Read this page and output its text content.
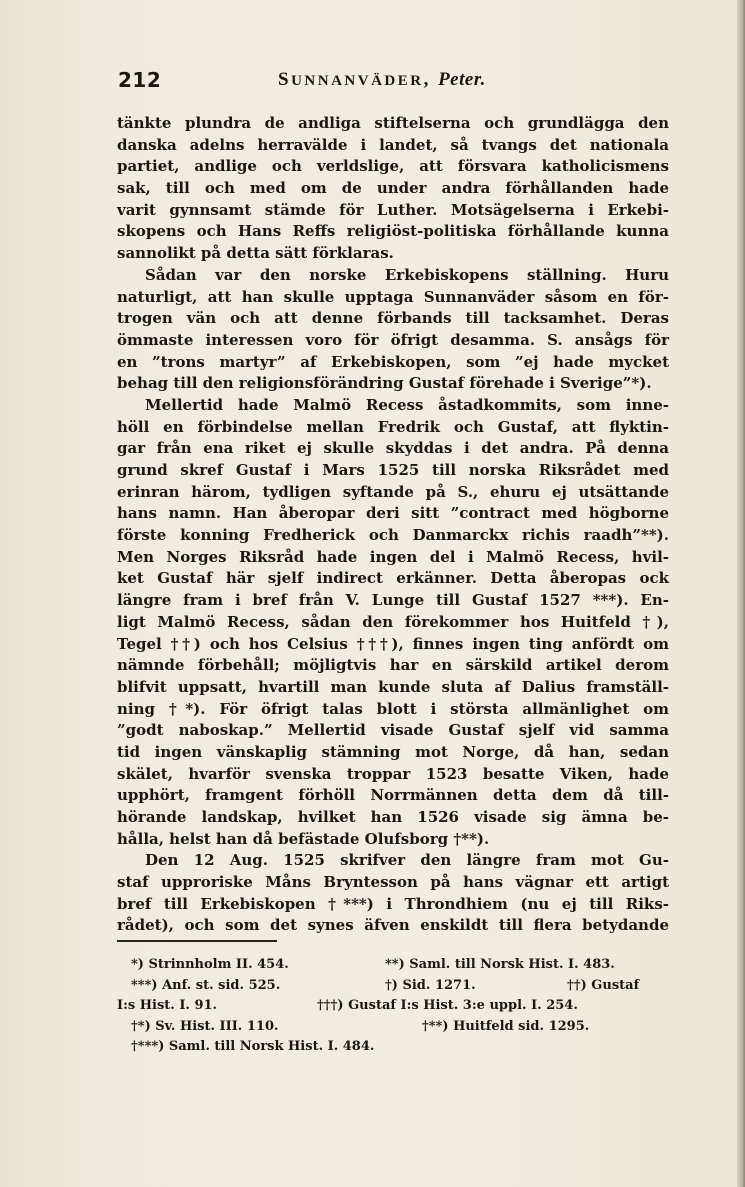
212	SUNNANVÄDER, Peter.
tänkte plundra de andliga stiftelserna och grundlägga den
danska adelns herravälde i landet, så tvangs det nationala
partiet, andlige och verldslige, att försvara katholicismens
sak, till och med om de under andra förhållanden hade
varit gynnsamt stämde för Luther. Motsägelserna i Erkebi-
skopens och Hans Reffs religiöst-politiska förhållande kunna
sannolikt på detta sätt förklaras.
Sådan var den norske Erkebiskopens ställning. Huru
naturligt, att han skulle upptaga Sunnanväder såsom en för-
trogen vän och att denne förbands till tacksamhet. Deras
ömmaste interessen voro för öfrigt desamma. S. ansågs för
en ”trons martyr” af Erkebiskopen, som ”ej hade mycket
behag till den religionsförändring Gustaf förehade i Sverige”*).
Mellertid hade Malmö Recess åstadkommits, som inne-
höll en förbindelse mellan Fredrik och Gustaf, att flyktin-
gar från ena riket ej skulle skyddas i det andra. På denna
grund skref Gustaf i Mars 1525 till norska Riksrådet med
erinran härom, tydligen syftande på S., ehuru ej utsättande
hans namn. Han åberopar deri sitt ”contract med högborne
förste konning Fredherick och Danmarckx richis raadh”**).
Men Norges Riksråd hade ingen del i Malmö Recess, hvil-
ket Gustaf här sjelf indirect erkänner. Detta åberopas ock
längre fram i bref från V. Lunge till Gustaf 1527 ***). En-
ligt Malmö Recess, sådan den förekommer hos Huitfeld †),
Tegel ††) och hos Celsius †††), finnes ingen ting anfördt om
nämnde förbehåll; möjligtvis har en särskild artikel derom
blifvit uppsatt, hvartill man kunde sluta af Dalius framställ-
ning †*). För öfrigt talas blott i största allmänlighet om
”godt naboskap.” Mellertid visade Gustaf sjelf vid samma
tid ingen vänskaplig stämning mot Norge, då han, sedan
skälet, hvarför svenska troppar 1523 besatte Viken, hade
upphört, framgent förhöll Norrmännen detta dem då till-
hörande landskap, hvilket han 1526 visade sig ämna be-
hålla, helst han då befästade Olufsborg †**).
Den 12 Aug. 1525 skrifver den längre fram mot Gu-
staf upproriske Måns Bryntesson på hans vägnar ett artigt
bref till Erkebiskopen †***) i Throndhiem (nu ej till Riks-
rådet), och som det synes äfven enskildt till flera betydande
*) Strinnholm II. 454.	**) Saml. till Norsk Hist. I. 483.
***) Anf. st. sid. 525.	†) Sid. 1271.	††) Gustaf
I:s Hist. I. 91.	†††) Gustaf I:s Hist. 3:e uppl. I. 254.
†*) Sv. Hist. III. 110.	†**) Huitfeld sid. 1295.
†***) Saml. till Norsk Hist. I. 484.
